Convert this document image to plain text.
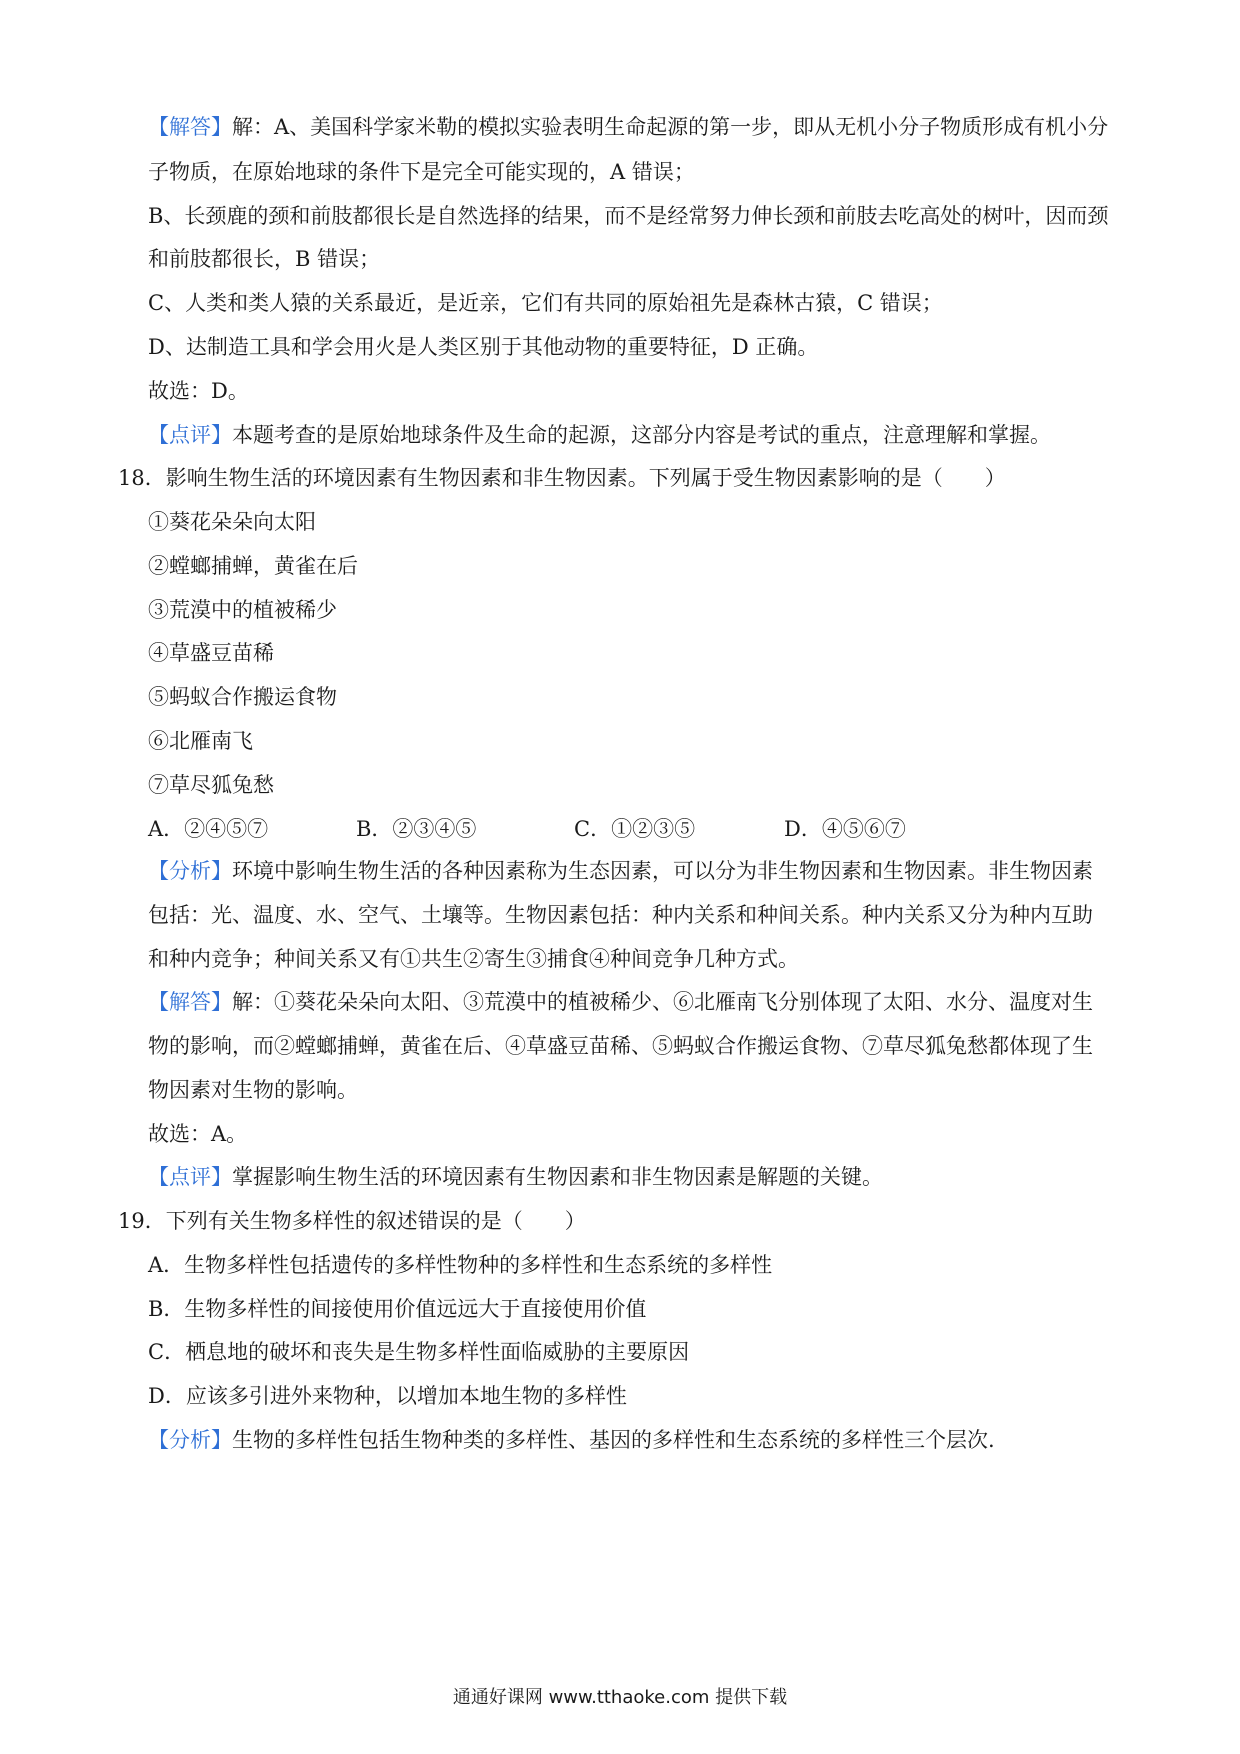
【解答】解：A、美国科学家米勒的模拟实验表明生命起源的第一步，即从无机小分子物质形成有机小分
子物质，在原始地球的条件下是完全可能实现的，A 错误；
B、长颈鹿的颈和前肢都很长是自然选择的结果，而不是经常努力伸长颈和前肢去吃高处的树叶，因而颈
和前肢都很长，B 错误；
C、人类和类人猿的关系最近，是近亲，它们有共同的原始祖先是森林古猿，C 错误；
D、达制造工具和学会用火是人类区别于其他动物的重要特征，D 正确。
故选：D。
【点评】本题考查的是原始地球条件及生命的起源，这部分内容是考试的重点，注意理解和掌握。
18．影响生物生活的环境因素有生物因素和非生物因素。下列属于受生物因素影响的是（　　）
①葵花朵朵向太阳
②螳螂捕蝉，黄雀在后
③荒漠中的植被稀少
④草盛豆苗稀
⑤蚂蚁合作搬运食物
⑥北雁南飞
⑦草尽狐兔愁
A．②④⑤⑦	B．②③④⑤	C．①②③⑤	D．④⑤⑥⑦
【分析】环境中影响生物生活的各种因素称为生态因素，可以分为非生物因素和生物因素。非生物因素
包括：光、温度、水、空气、土壤等。生物因素包括：种内关系和种间关系。种内关系又分为种内互助
和种内竞争；种间关系又有①共生②寄生③捕食④种间竞争几种方式。
【解答】解：①葵花朵朵向太阳、③荒漠中的植被稀少、⑥北雁南飞分别体现了太阳、水分、温度对生
物的影响，而②螳螂捕蝉，黄雀在后、④草盛豆苗稀、⑤蚂蚁合作搬运食物、⑦草尽狐兔愁都体现了生
物因素对生物的影响。
故选：A。
【点评】掌握影响生物生活的环境因素有生物因素和非生物因素是解题的关键。
19．下列有关生物多样性的叙述错误的是（　　）
A．生物多样性包括遗传的多样性物种的多样性和生态系统的多样性
B．生物多样性的间接使用价值远远大于直接使用价值
C．栖息地的破坏和丧失是生物多样性面临威胁的主要原因
D．应该多引进外来物种，以增加本地生物的多样性
【分析】生物的多样性包括生物种类的多样性、基因的多样性和生态系统的多样性三个层次.
通通好课网 www.tthaoke.com 提供下载
